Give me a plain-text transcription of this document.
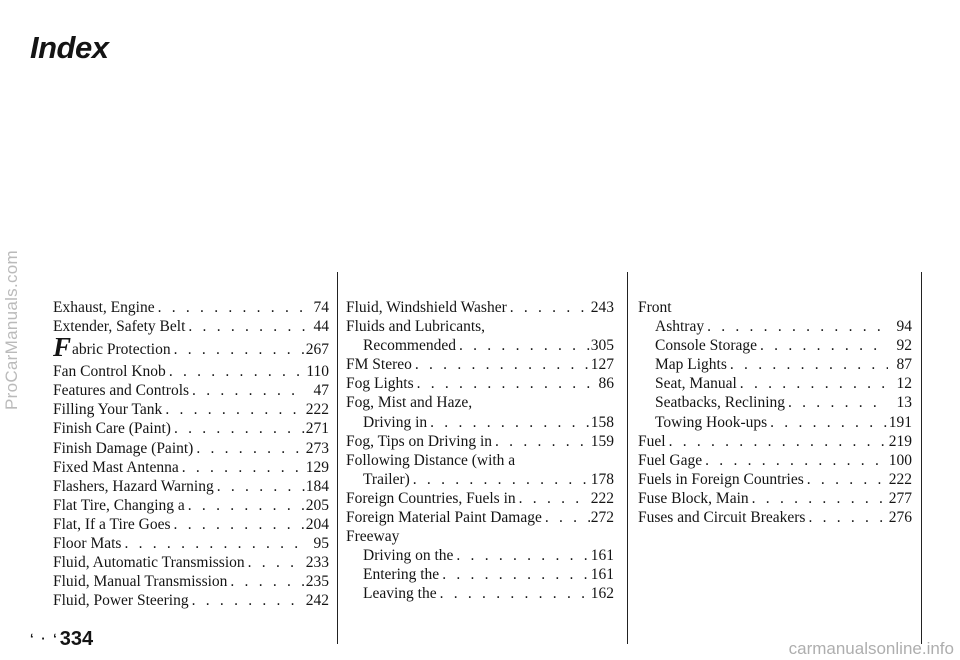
ProCarManuals.com
Index
Exhaust, Engine . . .	74
Extender, Safety Belt . . .	44
Fabric Protection . . .	267
Fan Control Knob . . .	110
Features and Controls . . .	47
Filling Your Tank . . .	222
Finish Care (Paint) . . .	271
Finish Damage (Paint) . . .	273
Fixed Mast Antenna . . .	129
Flashers, Hazard Warning . . .	184
Flat Tire, Changing a . . .	205
Flat, If a Tire Goes . . .	204
Floor Mats . . .	95
Fluid, Automatic Transmission . . .	233
Fluid, Manual Transmission . . .	235
Fluid, Power Steering . . .	242
Fluid, Windshield Washer . . .	243
Fluids and Lubricants,
Recommended . . .	305
FM Stereo . . .	127
Fog Lights . . .	86
Fog, Mist and Haze,
Driving in . . .	158
Fog, Tips on Driving in . . .	159
Following Distance (with a
Trailer) . . .	178
Foreign Countries, Fuels in . . .	222
Foreign Material Paint Damage . . .	272
Freeway
Driving on the . . .	161
Entering the . . .	161
Leaving the . . .	162
Front
Ashtray . . .	94
Console Storage . . .	92
Map Lights . . .	87
Seat, Manual . . .	12
Seatbacks, Reclining . . .	13
Towing Hook-ups . . .	191
Fuel . . .	219
Fuel Gage . . .	100
Fuels in Foreign Countries . . .	222
Fuse Block, Main . . .	277
Fuses and Circuit Breakers . . .	276
ʻ · ʻ334	carmanualsonline.info
